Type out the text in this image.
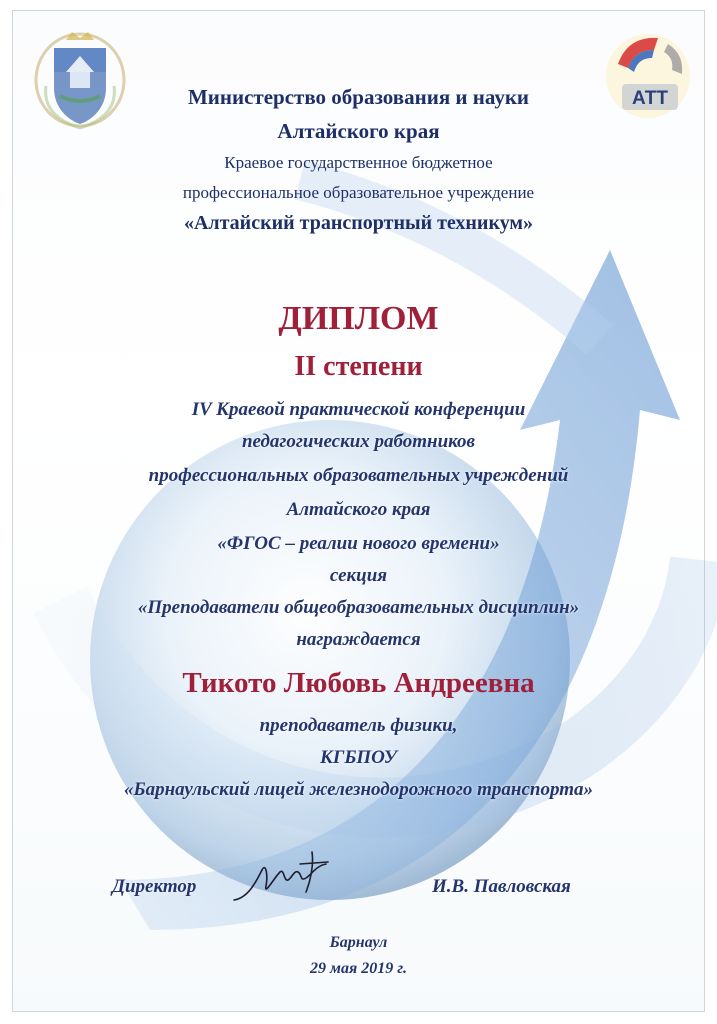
АТТ
Министерство образования и науки
Алтайского края
Краевое государственное бюджетное
профессиональное образовательное учреждение
«Алтайский транспортный техникум»
ДИПЛОМ
II степени
IV Краевой практической конференции
педагогических работников
профессиональных образовательных учреждений
Алтайского края
«ФГОС – реалии нового времени»
секция
«Преподаватели общеобразовательных дисциплин»
награждается
Тикото Любовь Андреевна
преподаватель физики,
КГБПОУ
«Барнаульский лицей железнодорожного транспорта»
Директор	И.В. Павловская
Барнаул
29 мая 2019 г.
